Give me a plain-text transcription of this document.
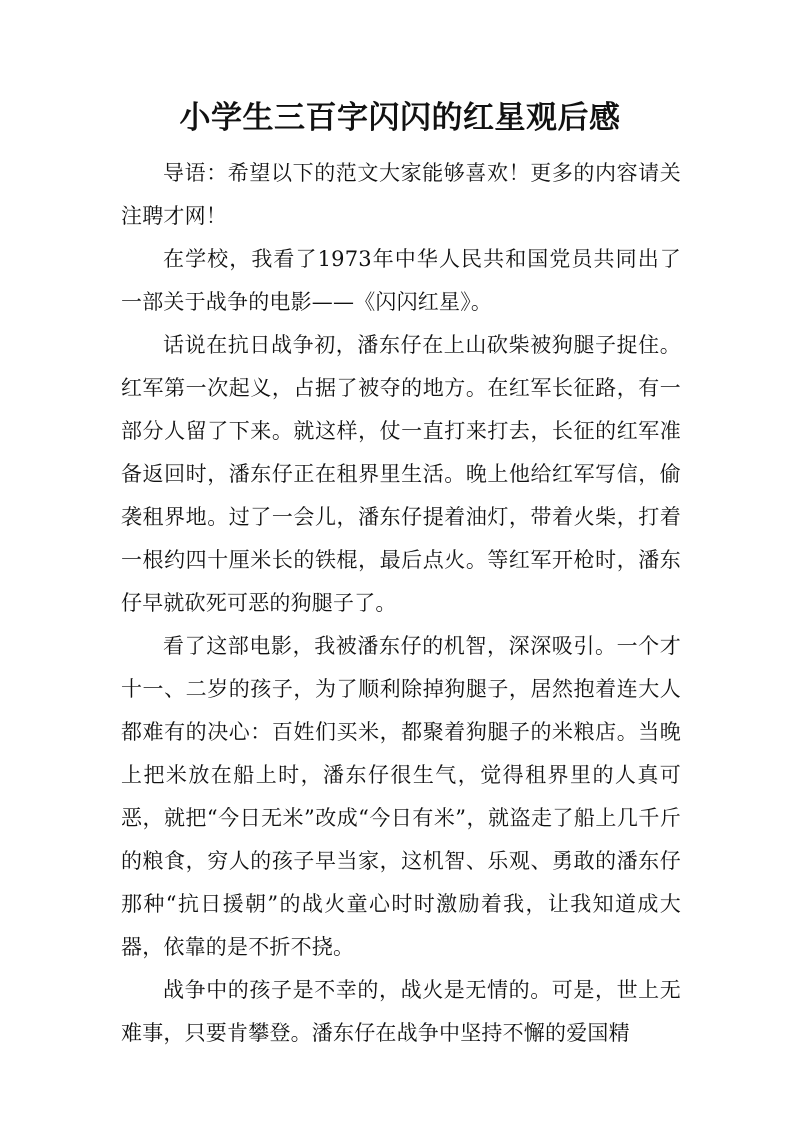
小学生三百字闪闪的红星观后感

导语：希望以下的范文大家能够喜欢！更多的内容请关注聘才网！

在学校，我看了1973年中华人民共和国党员共同出了一部关于战争的电影——《闪闪红星》。

话说在抗日战争初，潘东仔在上山砍柴被狗腿子捉住。红军第一次起义，占据了被夺的地方。在红军长征路，有一部分人留了下来。就这样，仗一直打来打去，长征的红军准备返回时，潘东仔正在租界里生活。晚上他给红军写信，偷袭租界地。过了一会儿，潘东仔提着油灯，带着火柴，打着一根约四十厘米长的铁棍，最后点火。等红军开枪时，潘东仔早就砍死可恶的狗腿子了。

看了这部电影，我被潘东仔的机智，深深吸引。一个才十一、二岁的孩子，为了顺利除掉狗腿子，居然抱着连大人都难有的决心：百姓们买米，都聚着狗腿子的米粮店。当晚上把米放在船上时，潘东仔很生气，觉得租界里的人真可恶，就把“今日无米”改成“今日有米”，就盗走了船上几千斤的粮食，穷人的孩子早当家，这机智、乐观、勇敢的潘东仔那种“抗日援朝”的战火童心时时激励着我，让我知道成大器，依靠的是不折不挠。

战争中的孩子是不幸的，战火是无情的。可是，世上无难事，只要肯攀登。潘东仔在战争中坚持不懈的爱国精
